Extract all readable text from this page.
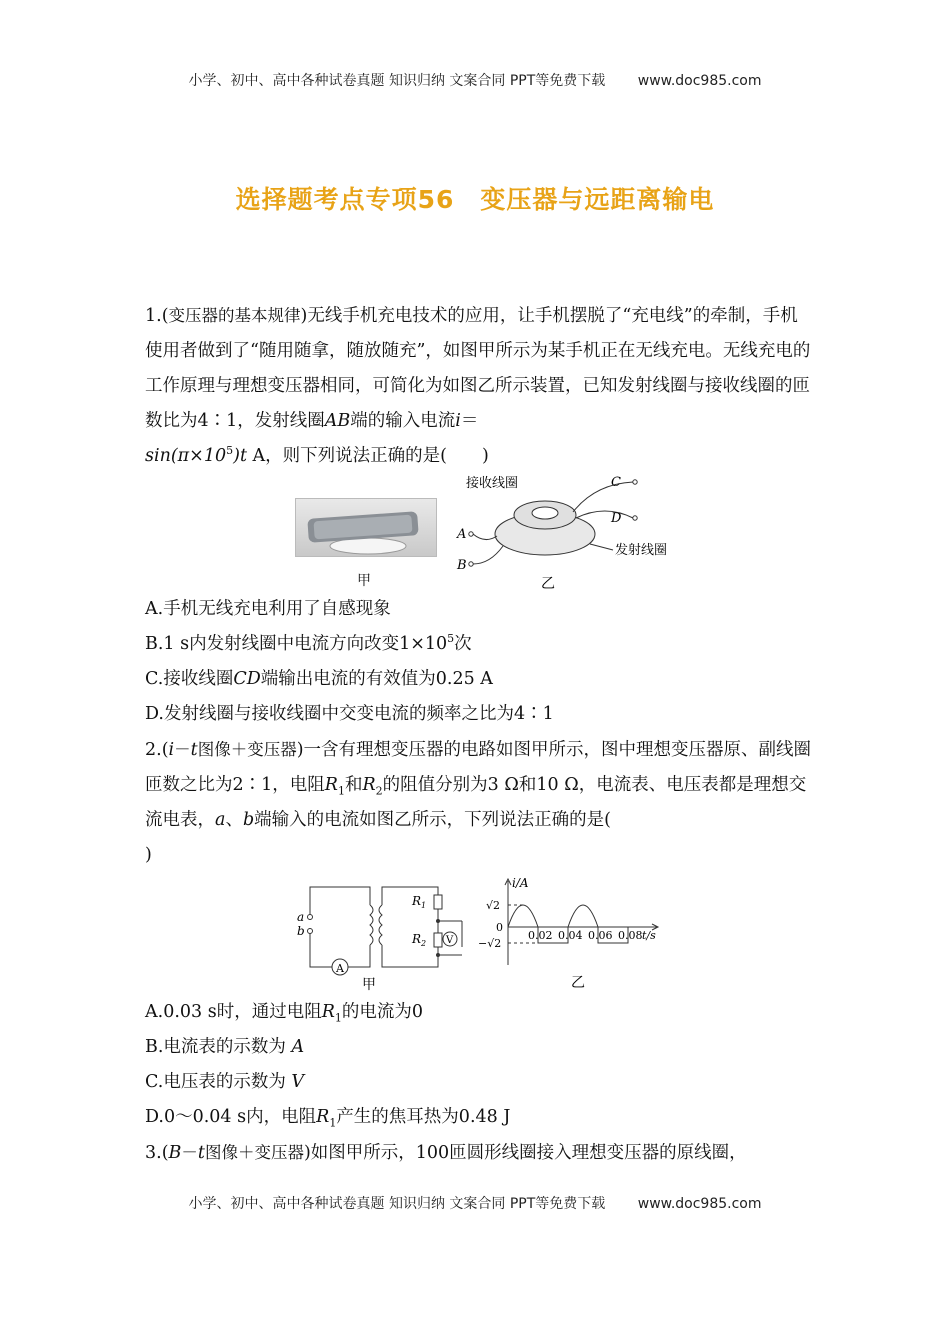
小学、初中、高中各种试卷真题 知识归纳 文案合同 PPT等免费下载 www.doc985.com
选择题考点专项56　变压器与远距离输电

1.(变压器的基本规律)无线手机充电技术的应用，让手机摆脱了“充电线”的牵制，手机使用者做到了“随用随拿，随放随充”，如图甲所示为某手机正在无线充电。无线充电的工作原理与理想变压器相同，可简化为如图乙所示装置，已知发射线圈与接收线圈的匝数比为4∶1，发射线圈AB端的输入电流i＝
$\sin(\pi\times 10^5)t$ A，则下列说法正确的是(　　)

甲
C
D
A
B
接收线圈
发射线圈
乙

A.手机无线充电利用了自感现象

B.1 s内发射线圈中电流方向改变$1\times 10^5$次

C.接收线圈CD端输出电流的有效值为0.25 A

D.发射线圈与接收线圈中交变电流的频率之比为4∶1

2.(i－t图像＋变压器)一含有理想变压器的电路如图甲所示，图中理想变压器原、副线圈匝数之比为2∶1，电阻$R_1$和$R_2$的阻值分别为3 Ω和10 Ω，电流表、电压表都是理想交流电表，a、b端输入的电流如图乙所示，下列说法正确的是(
)

A
V
a
b
$R_1$
$R_2$
甲
i/A
√2
0
−√2
0.02 0.04 0.06 0.08 t/s
乙

A.0.03 s时，通过电阻$R_1$的电流为0

B.电流表的示数为 A

C.电压表的示数为 V

D.0～0.04 s内，电阻$R_1$产生的焦耳热为0.48 J

3.(B－t图像＋变压器)如图甲所示，100匝圆形线圈接入理想变压器的原线圈，

小学、初中、高中各种试卷真题 知识归纳 文案合同 PPT等免费下载 www.doc985.com
